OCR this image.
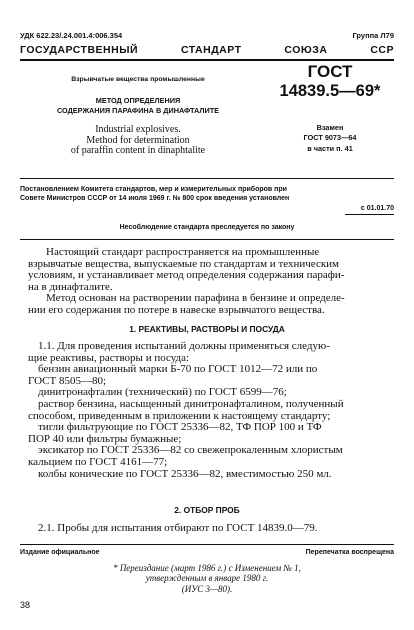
УДК 622.23/.24.001.4:006.354	Группа Л79
ГОСУДАРСТВЕННЫЙ СТАНДАРТ СОЮЗА ССР
Взрывчатые вещества промышленные
МЕТОД ОПРЕДЕЛЕНИЯ
СОДЕРЖАНИЯ ПАРАФИНА В ДИНАФТАЛИТЕ
Industrial explosives.
Method for determination
of paraffin content in dinaphtalite
ГОСТ
14839.5—69*
Взамен
ГОСТ 9073—64
в части п. 41
Постановлением Комитета стандартов, мер и измерительных приборов при
Совете Министров СССР от 14 июля 1969 г. № 800 срок введения установлен
с 01.01.70
Несоблюдение стандарта преследуется по закону
Настоящий стандарт распространяется на промышленные
взрывчатые вещества, выпускаемые по стандартам и техническим
условиям, и устанавливает метод определения содержания парафи-
на в динафталите.
Метод основан на растворении парафина в бензине и определе-
нии его содержания по потере в навеске взрывчатого вещества.
1. РЕАКТИВЫ, РАСТВОРЫ И ПОСУДА
1.1. Для проведения испытаний должны применяться следую-
щие реактивы, растворы и посуда:
бензин авиационный марки Б-70 по ГОСТ 1012—72 или по
ГОСТ 8505—80;
динитронафталин (технический) по ГОСТ 6599—76;
раствор бензина, насыщенный динитронафталином, полученный
способом, приведенным в приложении к настоящему стандарту;
тигли фильтрующие по ГОСТ 25336—82, ТФ ПОР 100 и ТФ
ПОР 40 или фильтры бумажные;
эксикатор по ГОСТ 25336—82 со свежепрокаленным хлористым
кальцием по ГОСТ 4161—77;
колбы конические по ГОСТ 25336—82, вместимостью 250 мл.
2. ОТБОР ПРОБ
2.1. Пробы для испытания отбирают по ГОСТ 14839.0—79.
Издание официальное	Перепечатка воспрещена
* Переиздание (март 1986 г.) с Изменением № 1,
утвержденным в январе 1980 г.
(ИУС 3—80).
38
